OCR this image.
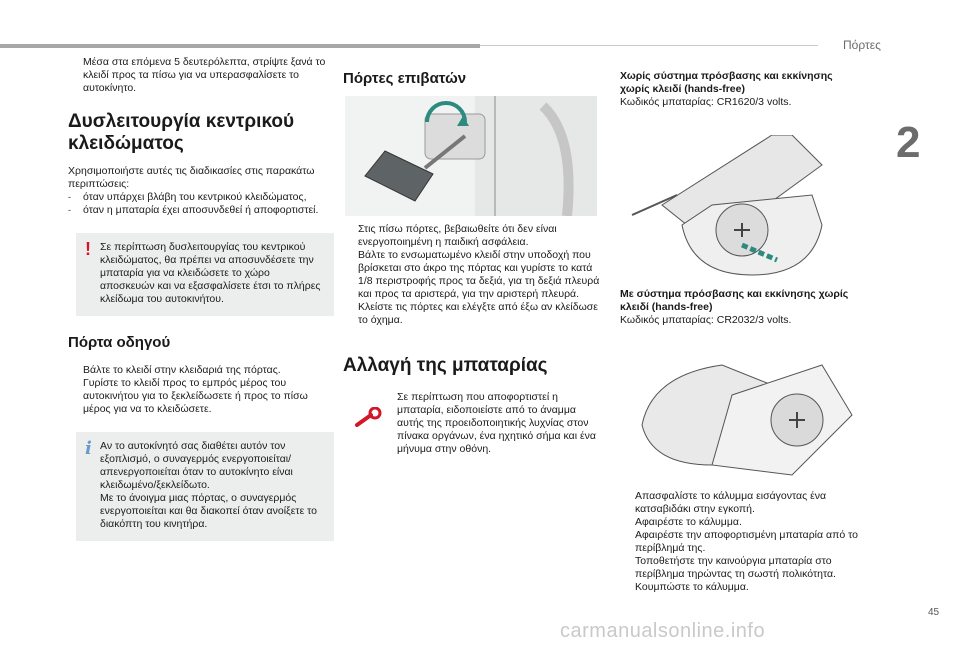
Πόρτες
2
45
carmanualsonline.info
Μέσα στα επόμενα 5 δευτερόλεπτα, στρίψτε ξανά το κλειδί προς τα πίσω για να υπερασφαλίσετε το αυτοκίνητο.
Δυσλειτουργία κεντρικού κλειδώματος
Χρησιμοποιήστε αυτές τις διαδικασίες στις παρακάτω περιπτώσεις:
-	όταν υπάρχει βλάβη του κεντρικού κλειδώματος,
-	όταν η μπαταρία έχει αποσυνδεθεί ή αποφορτιστεί.
! Σε περίπτωση δυσλειτουργίας του κεντρικού κλειδώματος, θα πρέπει να αποσυνδέσετε την μπαταρία για να κλειδώσετε το χώρο αποσκευών και να εξασφαλίσετε έτσι το πλήρες κλείδωμα του αυτοκινήτου.
Πόρτα οδηγού
Βάλτε το κλειδί στην κλειδαριά της πόρτας.
Γυρίστε το κλειδί προς το εμπρός μέρος του αυτοκινήτου για το ξεκλείδωσετε ή προς το πίσω μέρος για να το κλειδώσετε.
i Αν το αυτοκίνητό σας διαθέτει αυτόν τον εξοπλισμό, ο συναγερμός ενεργοποιείται/απενεργοποιείται όταν το αυτοκίνητο είναι κλειδωμένο/ξεκλείδωτο.
Με το άνοιγμα μιας πόρτας, ο συναγερμός ενεργοποιείται και θα διακοπεί όταν ανοίξετε το διακόπτη του κινητήρα.
Πόρτες επιβατών
Στις πίσω πόρτες, βεβαιωθείτε ότι δεν είναι ενεργοποιημένη η παιδική ασφάλεια.
Βάλτε το ενσωματωμένο κλειδί στην υποδοχή που βρίσκεται στο άκρο της πόρτας και γυρίστε το κατά 1/8 περιστροφής προς τα δεξιά, για τη δεξιά πλευρά και προς τα αριστερά, για την αριστερή πλευρά.
Κλείστε τις πόρτες και ελέγξτε από έξω αν κλείδωσε το όχημα.
Αλλαγή της μπαταρίας
Σε περίπτωση που αποφορτιστεί η μπαταρία, ειδοποιείστε από το άναμμα αυτής της προειδοποιητικής λυχνίας στον πίνακα οργάνων, ένα ηχητικό σήμα και ένα μήνυμα στην οθόνη.
Χωρίς σύστημα πρόσβασης και εκκίνησης χωρίς κλειδί (hands-free)
Κωδικός μπαταρίας: CR1620/3 volts.
Με σύστημα πρόσβασης και εκκίνησης χωρίς κλειδί (hands-free)
Κωδικός μπαταρίας: CR2032/3 volts.
Απασφαλίστε το κάλυμμα εισάγοντας ένα κατσαβιδάκι στην εγκοπή.
Αφαιρέστε το κάλυμμα.
Αφαιρέστε την αποφορτισμένη μπαταρία από το περίβλημά της.
Τοποθετήστε την καινούργια μπαταρία στο περίβλημα τηρώντας τη σωστή πολικότητα.
Κουμπώστε το κάλυμμα.
